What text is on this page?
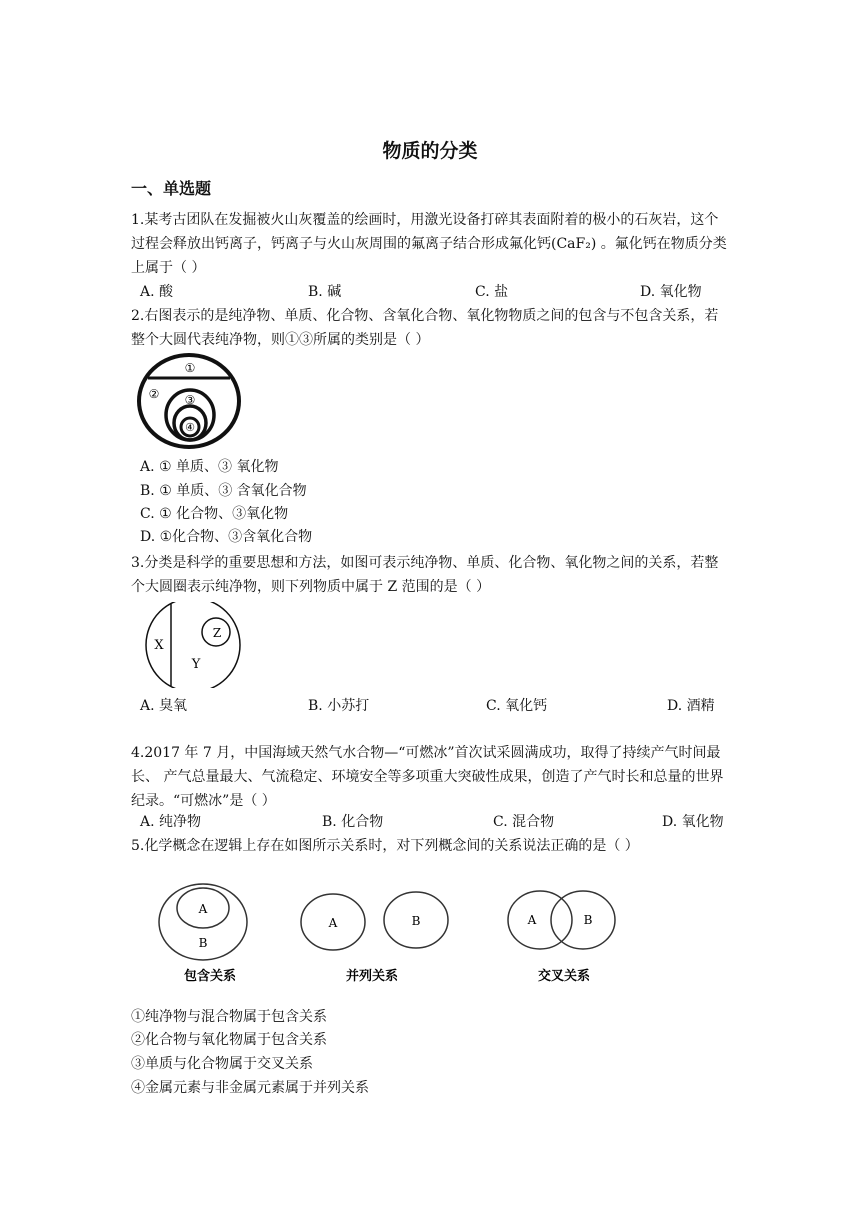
物质的分类
一、单选题
1.某考古团队在发掘被火山灰覆盖的绘画时，用激光设备打碎其表面附着的极小的石灰岩，这个过程会释放出钙离子，钙离子与火山灰周围的氟离子结合形成氟化钙(CaF₂) 。氟化钙在物质分类上属于（ ）
A. 酸	B. 碱	C. 盐	D. 氧化物
2.右图表示的是纯净物、单质、化合物、含氧化合物、氧化物物质之间的包含与不包含关系，若整个大圆代表纯净物，则①③所属的类别是（ ）
①
② ③
④
A. ① 单质、③ 氧化物
B. ① 单质、③ 含氧化合物
C. ① 化合物、③氧化物
D. ①化合物、③含氧化合物
3.分类是科学的重要思想和方法，如图可表示纯净物、单质、化合物、氧化物之间的关系，若整个大圆圈表示纯净物，则下列物质中属于 Z 范围的是（ ）
X
Y
Z
A. 臭氧	B. 小苏打	C. 氧化钙	D. 酒精
4.2017 年 7 月，中国海域天然气水合物—“可燃冰”首次试采圆满成功，取得了持续产气时间最长、 产气总量最大、气流稳定、环境安全等多项重大突破性成果，创造了产气时长和总量的世界纪录。“可燃冰”是（ ）
A. 纯净物	B. 化合物	C. 混合物	D. 氧化物
5.化学概念在逻辑上存在如图所示关系时，对下列概念间的关系说法正确的是（ ）
A
B
包含关系
A	B
并列关系
A	B
交叉关系
①纯净物与混合物属于包含关系
②化合物与氧化物属于包含关系
③单质与化合物属于交叉关系
④金属元素与非金属元素属于并列关系
